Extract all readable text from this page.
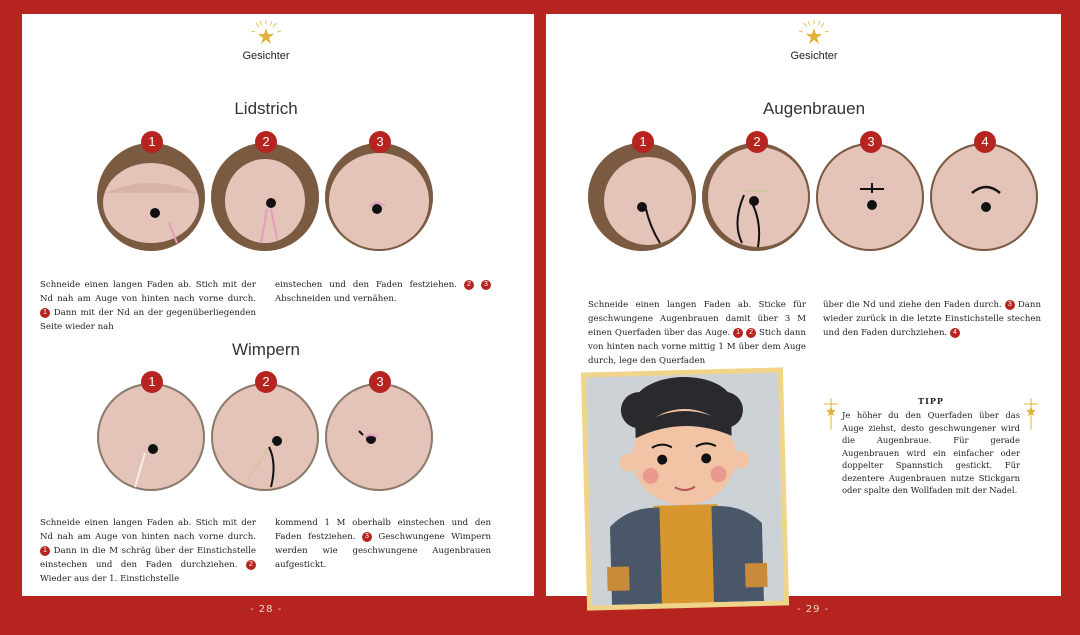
Gesichter	Gesichter
Lidstrich
1	2	3
Schneide einen langen Faden ab. Stich mit der Nd nah am Auge von hinten nach vorne durch. 1 Dann mit der Nd an der gegenüberliegenden Seite wieder nah
einstechen und den Faden festziehen. 2 3 Abschneiden und vernähen.
Wimpern
1	2	3
Schneide einen langen Faden ab. Stich mit der Nd nah am Auge von hinten nach vorne durch. 1 Dann in die M schräg über der Einstichstelle einstechen und den Faden durchziehen. 2 Wieder aus der 1. Einstichstelle
kommend 1 M oberhalb einstechen und den Faden festziehen. 3 Geschwungene Wimpern werden wie geschwungene Augenbrauen aufgestickt.
Augenbrauen
1	2	3	4
Schneide einen langen Faden ab. Sticke für geschwungene Augenbrauen damit über 3 M einen Querfaden über das Auge. 1 2 Stich dann von hinten nach vorne mittig 1 M über dem Auge durch, lege den Querfaden
über die Nd und ziehe den Faden durch. 3 Dann wieder zurück in die letzte Einstichstelle stechen und den Faden durchziehen. 4
TIPP
Je höher du den Querfaden über das Auge ziehst, desto geschwungener wird die Augenbraue. Für gerade Augenbrauen wird ein einfacher oder doppelter Spannstich gestickt. Für dezentere Augenbrauen nutze Stickgarn oder spalte den Wollfaden mit der Nadel.
- 28 -	- 29 -
